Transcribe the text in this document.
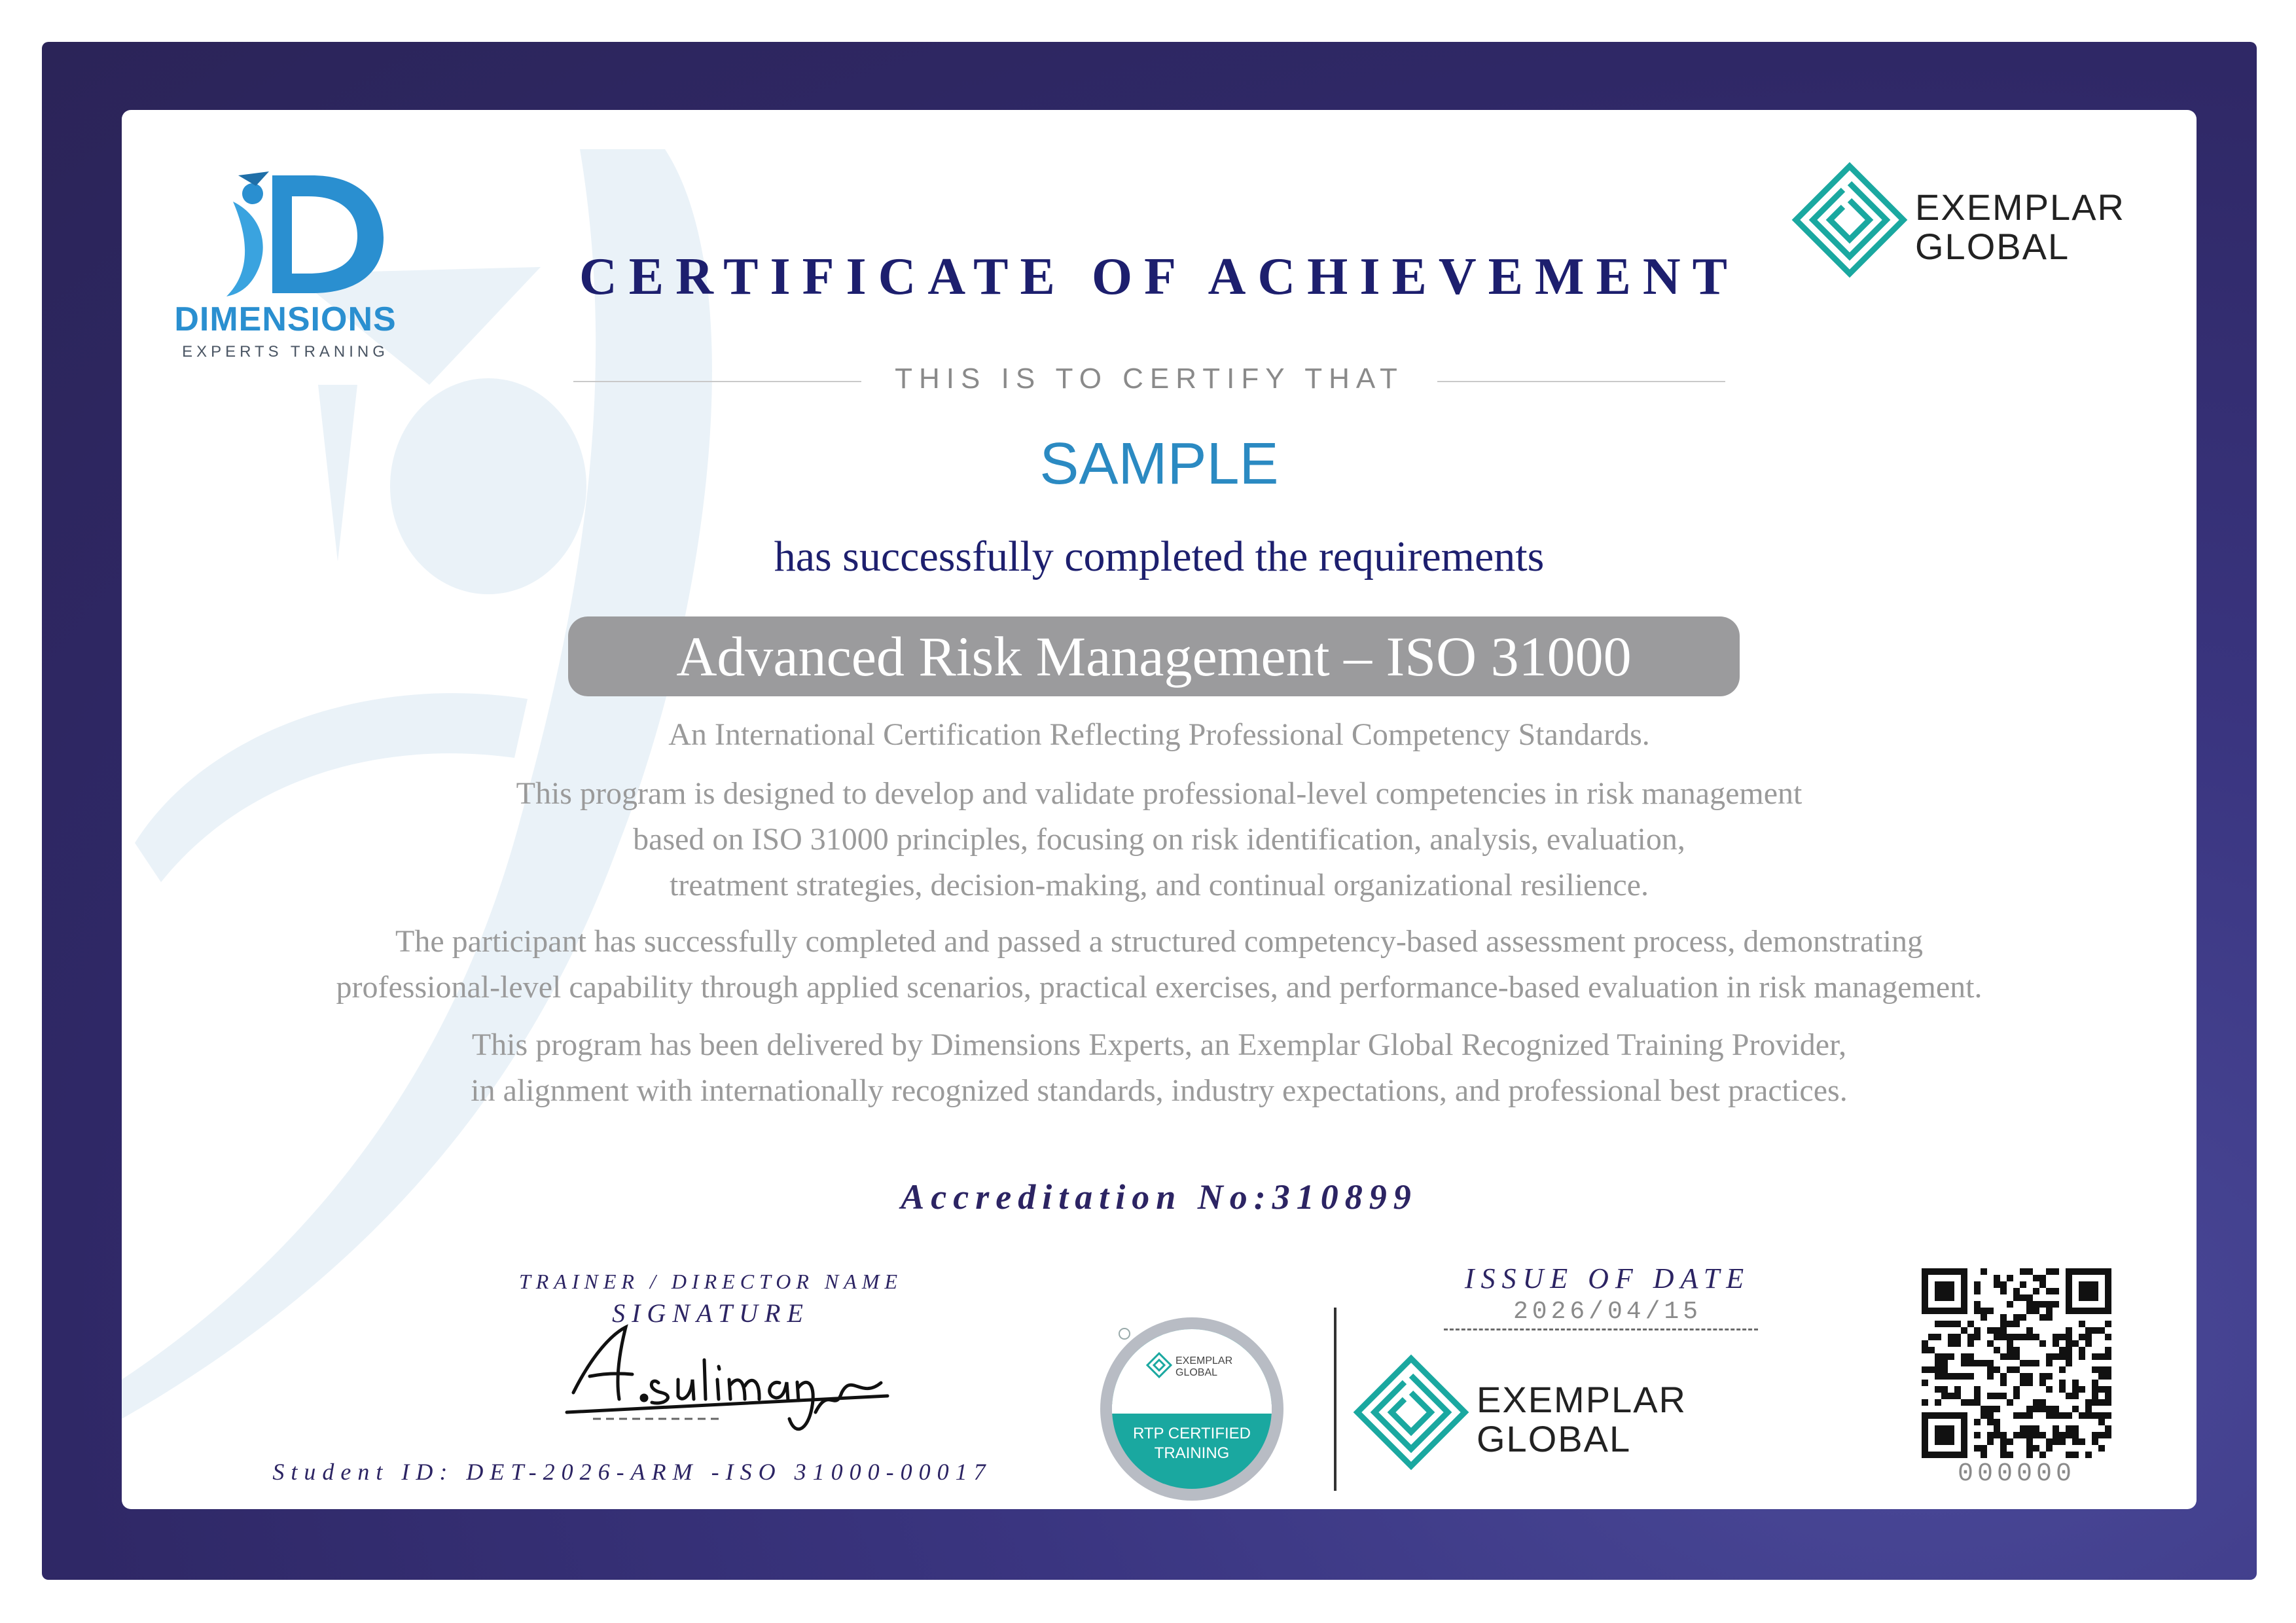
DIMENSIONS
EXPERTS TRANING
EXEMPLAR
GLOBAL
CERTIFICATE OF ACHIEVEMENT
THIS IS TO CERTIFY THAT
SAMPLE
has successfully completed the requirements
Advanced Risk Management – ISO 31000
An International Certification Reflecting Professional Competency Standards.
This program is designed to develop and validate professional-level competencies in risk management
based on ISO 31000 principles, focusing on risk identification, analysis, evaluation,
treatment strategies, decision-making, and continual organizational resilience.
The participant has successfully completed and passed a structured competency-based assessment process, demonstrating
professional-level capability through applied scenarios, practical exercises, and performance-based evaluation in risk management.
This program has been delivered by Dimensions Experts, an Exemplar Global Recognized Training Provider,
in alignment with internationally recognized standards, industry expectations, and professional best practices.
Accreditation No:310899
TRAINER / DIRECTOR NAME
SIGNATURE
Student ID: DET-2026-ARM -ISO 31000-00017
EXEMPLAR
GLOBAL
RTP CERTIFIED
TRAINING
ISSUE OF DATE
2026/04/15
EXEMPLAR
GLOBAL
000000
